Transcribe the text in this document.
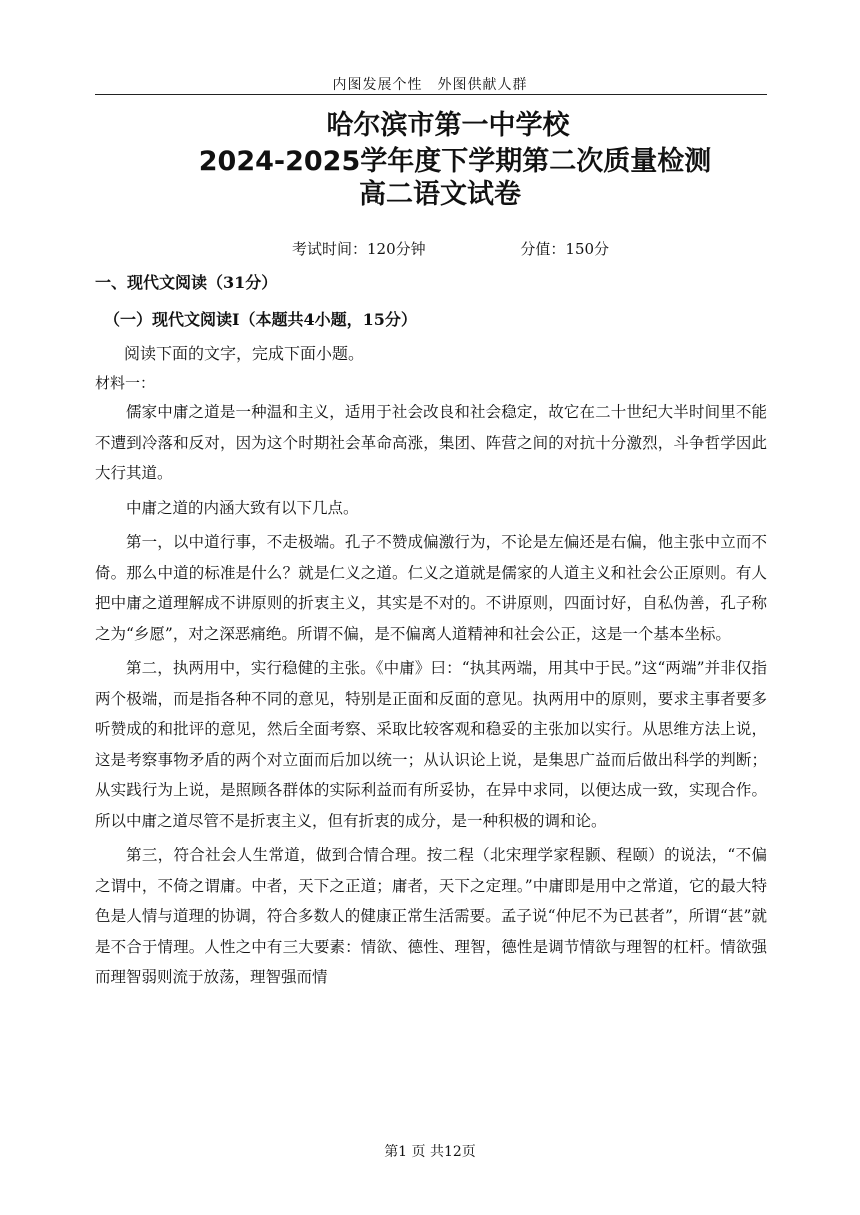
内图发展个性　外图供献人群
哈尔滨市第一中学校
2024-2025学年度下学期第二次质量检测
高二语文试卷
考试时间：120分钟	分值：150分
一、现代文阅读（31分）
（一）现代文阅读Ⅰ（本题共4小题，15分）
阅读下面的文字，完成下面小题。
材料一：

儒家中庸之道是一种温和主义，适用于社会改良和社会稳定，故它在二十世纪大半时间里不能不遭到冷落和反对，因为这个时期社会革命高涨，集团、阵营之间的对抗十分激烈，斗争哲学因此大行其道。

中庸之道的内涵大致有以下几点。

第一，以中道行事，不走极端。孔子不赞成偏激行为，不论是左偏还是右偏，他主张中立而不倚。那么中道的标准是什么？就是仁义之道。仁义之道就是儒家的人道主义和社会公正原则。有人把中庸之道理解成不讲原则的折衷主义，其实是不对的。不讲原则，四面讨好，自私伪善，孔子称之为“乡愿”，对之深恶痛绝。所谓不偏，是不偏离人道精神和社会公正，这是一个基本坐标。

第二，执两用中，实行稳健的主张。《中庸》曰：“执其两端，用其中于民。”这“两端”并非仅指两个极端，而是指各种不同的意见，特别是正面和反面的意见。执两用中的原则，要求主事者要多听赞成的和批评的意见，然后全面考察、采取比较客观和稳妥的主张加以实行。从思维方法上说，这是考察事物矛盾的两个对立面而后加以统一；从认识论上说，是集思广益而后做出科学的判断；从实践行为上说，是照顾各群体的实际利益而有所妥协，在异中求同，以便达成一致，实现合作。所以中庸之道尽管不是折衷主义，但有折衷的成分，是一种积极的调和论。

第三，符合社会人生常道，做到合情合理。按二程（北宋理学家程颢、程颐）的说法，“不偏之谓中，不倚之谓庸。中者，天下之正道；庸者，天下之定理。”中庸即是用中之常道，它的最大特色是人情与道理的协调，符合多数人的健康正常生活需要。孟子说“仲尼不为已甚者”，所谓“甚”就是不合于情理。人性之中有三大要素：情欲、德性、理智，德性是调节情欲与理智的杠杆。情欲强而理智弱则流于放荡，理智强而情

第1 页 共12页
